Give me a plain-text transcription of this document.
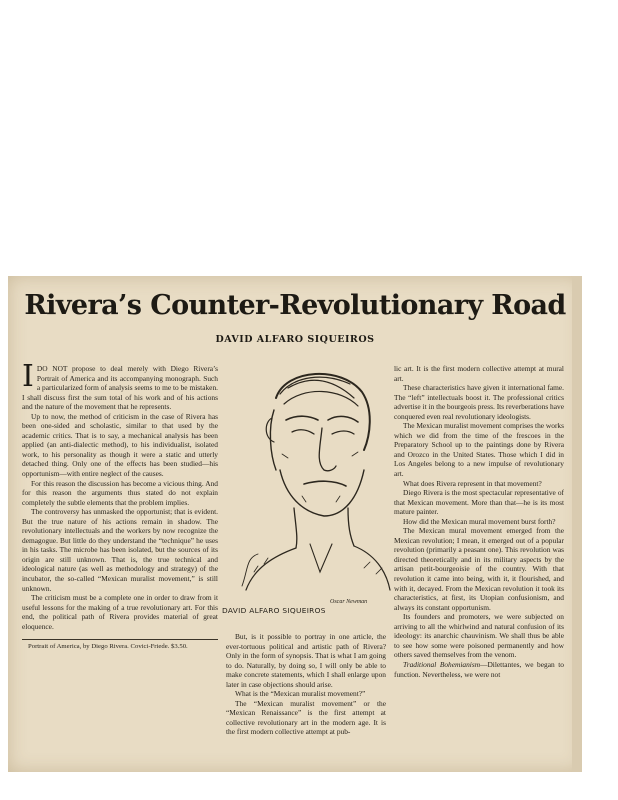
Rivera’s Counter-Revolutionary Road
DAVID ALFARO SIQUEIROS

IDO NOT propose to deal merely with Diego Rivera’s Portrait of America and its accompanying monograph. Such a particularized form of analysis seems to me to be mistaken. I shall discuss first the sum total of his work and of his actions and the nature of the movement that he represents.

Up to now, the method of criticism in the case of Rivera has been one-sided and scholastic, similar to that used by the academic critics. That is to say, a mechanical analysis has been applied (an anti-dialectic method), to his individualist, isolated work, to his personality as though it were a static and utterly detached thing. Only one of the effects has been studied—his opportunism—with entire neglect of the causes.

For this reason the discussion has become a vicious thing. And for this reason the arguments thus stated do not explain completely the subtle elements that the problem implies.

The controversy has unmasked the opportunist; that is evident. But the true nature of his actions remain in shadow. The revolutionary intellectuals and the workers by now recognize the demagogue. But little do they understand the “technique” he uses in his tasks. The microbe has been isolated, but the sources of its origin are still unknown. That is, the true technical and ideological nature (as well as methodology and strategy) of the incubator, the so-called “Mexican muralist movement,” is still unknown.

The criticism must be a complete one in order to draw from it useful lessons for the making of a true revolutionary art. For this end, the political path of Rivera provides material of great eloquence.

Portrait of America, by Diego Rivera. Covici-Friede. $3.50.

Oscar Newman
DAVID ALFARO SIQUEIROS

But, is it possible to portray in one article, the ever-tortuous political and artistic path of Rivera? Only in the form of synopsis. That is what I am going to do. Naturally, by doing so, I will only be able to make concrete statements, which I shall enlarge upon later in case objections should arise.

What is the “Mexican muralist movement?”

The “Mexican muralist movement” or the “Mexican Renaissance” is the first attempt at collective revolutionary art in the modern age. It is the first modern collective attempt at pub-

lic art. It is the first modern collective attempt at mural art.

These characteristics have given it international fame. The “left” intellectuals boost it. The professional critics advertise it in the bourgeois press. Its reverberations have conquered even real revolutionary ideologists.

The Mexican muralist movement comprises the works which we did from the time of the frescoes in the Preparatory School up to the paintings done by Rivera and Orozco in the United States. Those which I did in Los Angeles belong to a new impulse of revolutionary art.

What does Rivera represent in that movement?

Diego Rivera is the most spectacular representative of that Mexican movement. More than that—he is its most mature painter.

How did the Mexican mural movement burst forth?

The Mexican mural movement emerged from the Mexican revolution; I mean, it emerged out of a popular revolution (primarily a peasant one). This revolution was directed theoretically and in its military aspects by the artisan petit-bourgeoisie of the country. With that revolution it came into being, with it, it flourished, and with it, decayed. From the Mexican revolution it took its characteristics, at first, its Utopian confusionism, and always its constant opportunism.

Its founders and promoters, we were subjected on arriving to all the whirlwind and natural confusion of its ideology: its anarchic chauvinism. We shall thus be able to see how some were poisoned permanently and how others saved themselves from the venom.

Traditional Bohemianism—Dilettantes, we began to function. Nevertheless, we were not
